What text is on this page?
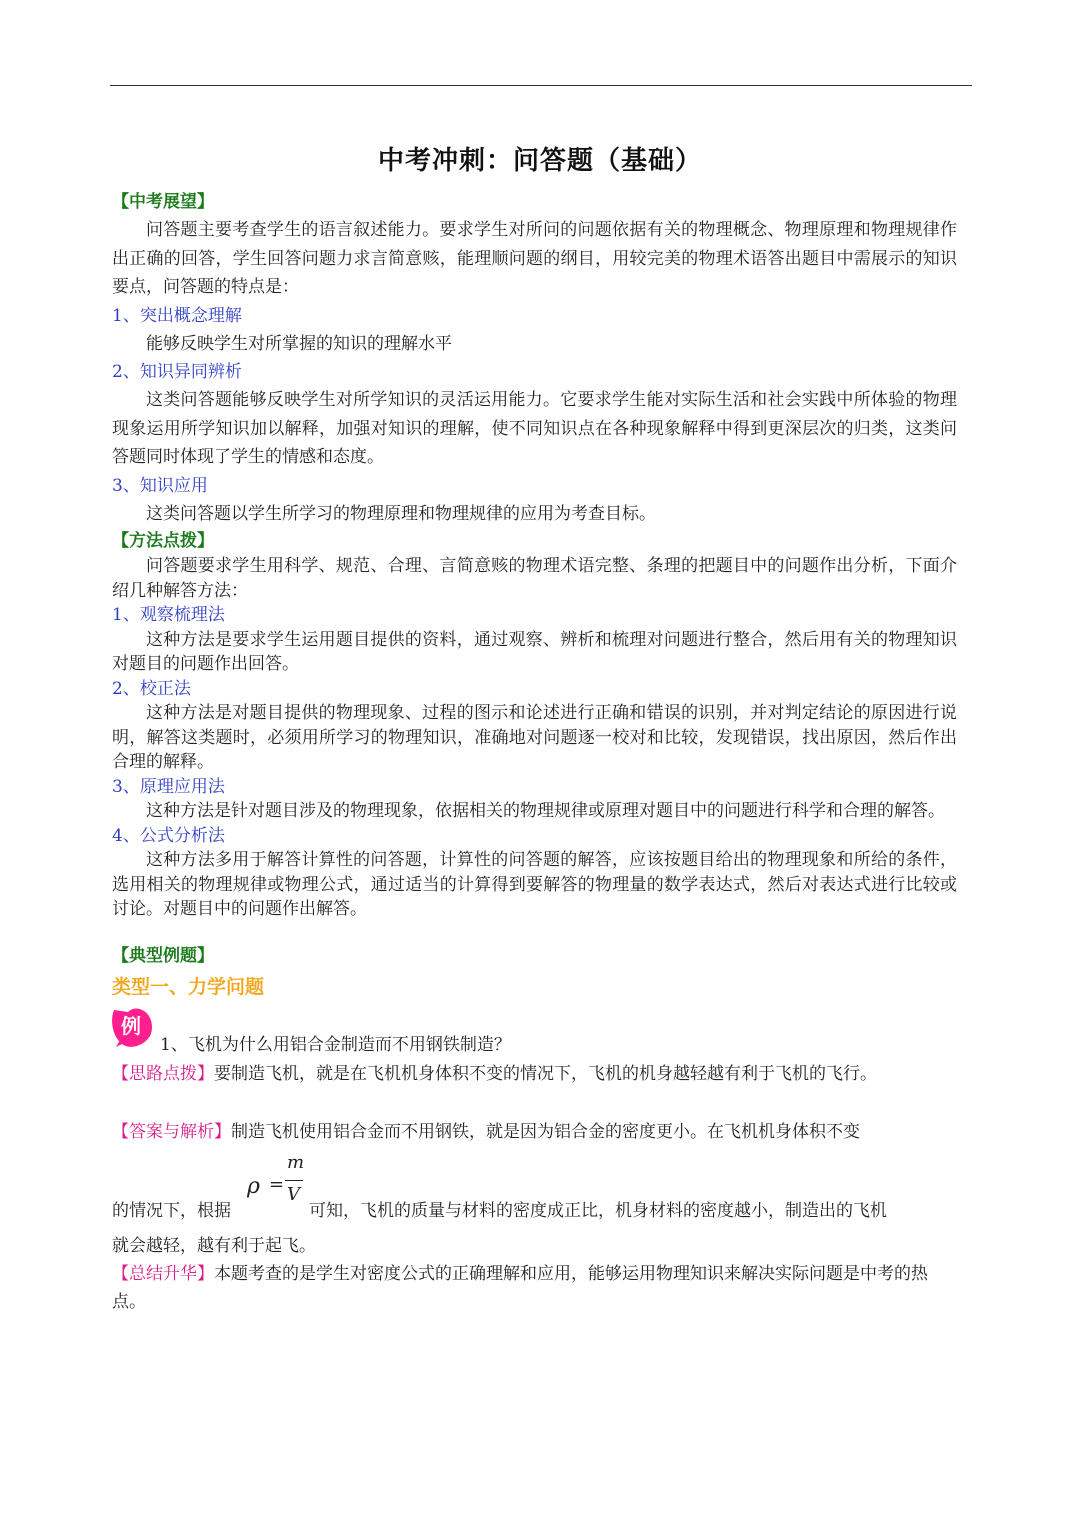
中考冲刺：问答题（基础）
【中考展望】

问答题主要考查学生的语言叙述能力。要求学生对所问的问题依据有关的物理概念、物理原理和物理规律作出正确的回答，学生回答问题力求言简意赅，能理顺问题的纲目，用较完美的物理术语答出题目中需展示的知识要点，问答题的特点是：

1、突出概念理解

能够反映学生对所掌握的知识的理解水平

2、知识异同辨析

这类问答题能够反映学生对所学知识的灵活运用能力。它要求学生能对实际生活和社会实践中所体验的物理现象运用所学知识加以解释，加强对知识的理解，使不同知识点在各种现象解释中得到更深层次的归类，这类问答题同时体现了学生的情感和态度。

3、知识应用

这类问答题以学生所学习的物理原理和物理规律的应用为考查目标。

【方法点拨】

问答题要求学生用科学、规范、合理、言简意赅的物理术语完整、条理的把题目中的问题作出分析，下面介绍几种解答方法：

1、观察梳理法

这种方法是要求学生运用题目提供的资料，通过观察、辨析和梳理对问题进行整合，然后用有关的物理知识对题目的问题作出回答。

2、校正法

这种方法是对题目提供的物理现象、过程的图示和论述进行正确和错误的识别，并对判定结论的原因进行说明，解答这类题时，必须用所学习的物理知识，准确地对问题逐一校对和比较，发现错误，找出原因，然后作出合理的解释。

3、原理应用法

这种方法是针对题目涉及的物理现象，依据相关的物理规律或原理对题目中的问题进行科学和合理的解答。

4、公式分析法

这种方法多用于解答计算性的问答题，计算性的问答题的解答，应该按题目给出的物理现象和所给的条件，选用相关的物理规律或物理公式，通过适当的计算得到要解答的物理量的数学表达式，然后对表达式进行比较或讨论。对题目中的问题作出解答。

【典型例题】
类型一、力学问题
例
1、飞机为什么用铝合金制造而不用钢铁制造？

【思路点拨】要制造飞机，就是在飞机机身体积不变的情况下，飞机的机身越轻越有利于飞机的飞行。

【答案与解析】制造飞机使用铝合金而不用钢铁，就是因为铝合金的密度更小。在飞机机身体积不变

的情况下，根据
ρ =
m
V
可知，飞机的质量与材料的密度成正比，机身材料的密度越小，制造出的飞机

就会越轻，越有利于起飞。

【总结升华】本题考查的是学生对密度公式的正确理解和应用，能够运用物理知识来解决实际问题是中考的热点。
